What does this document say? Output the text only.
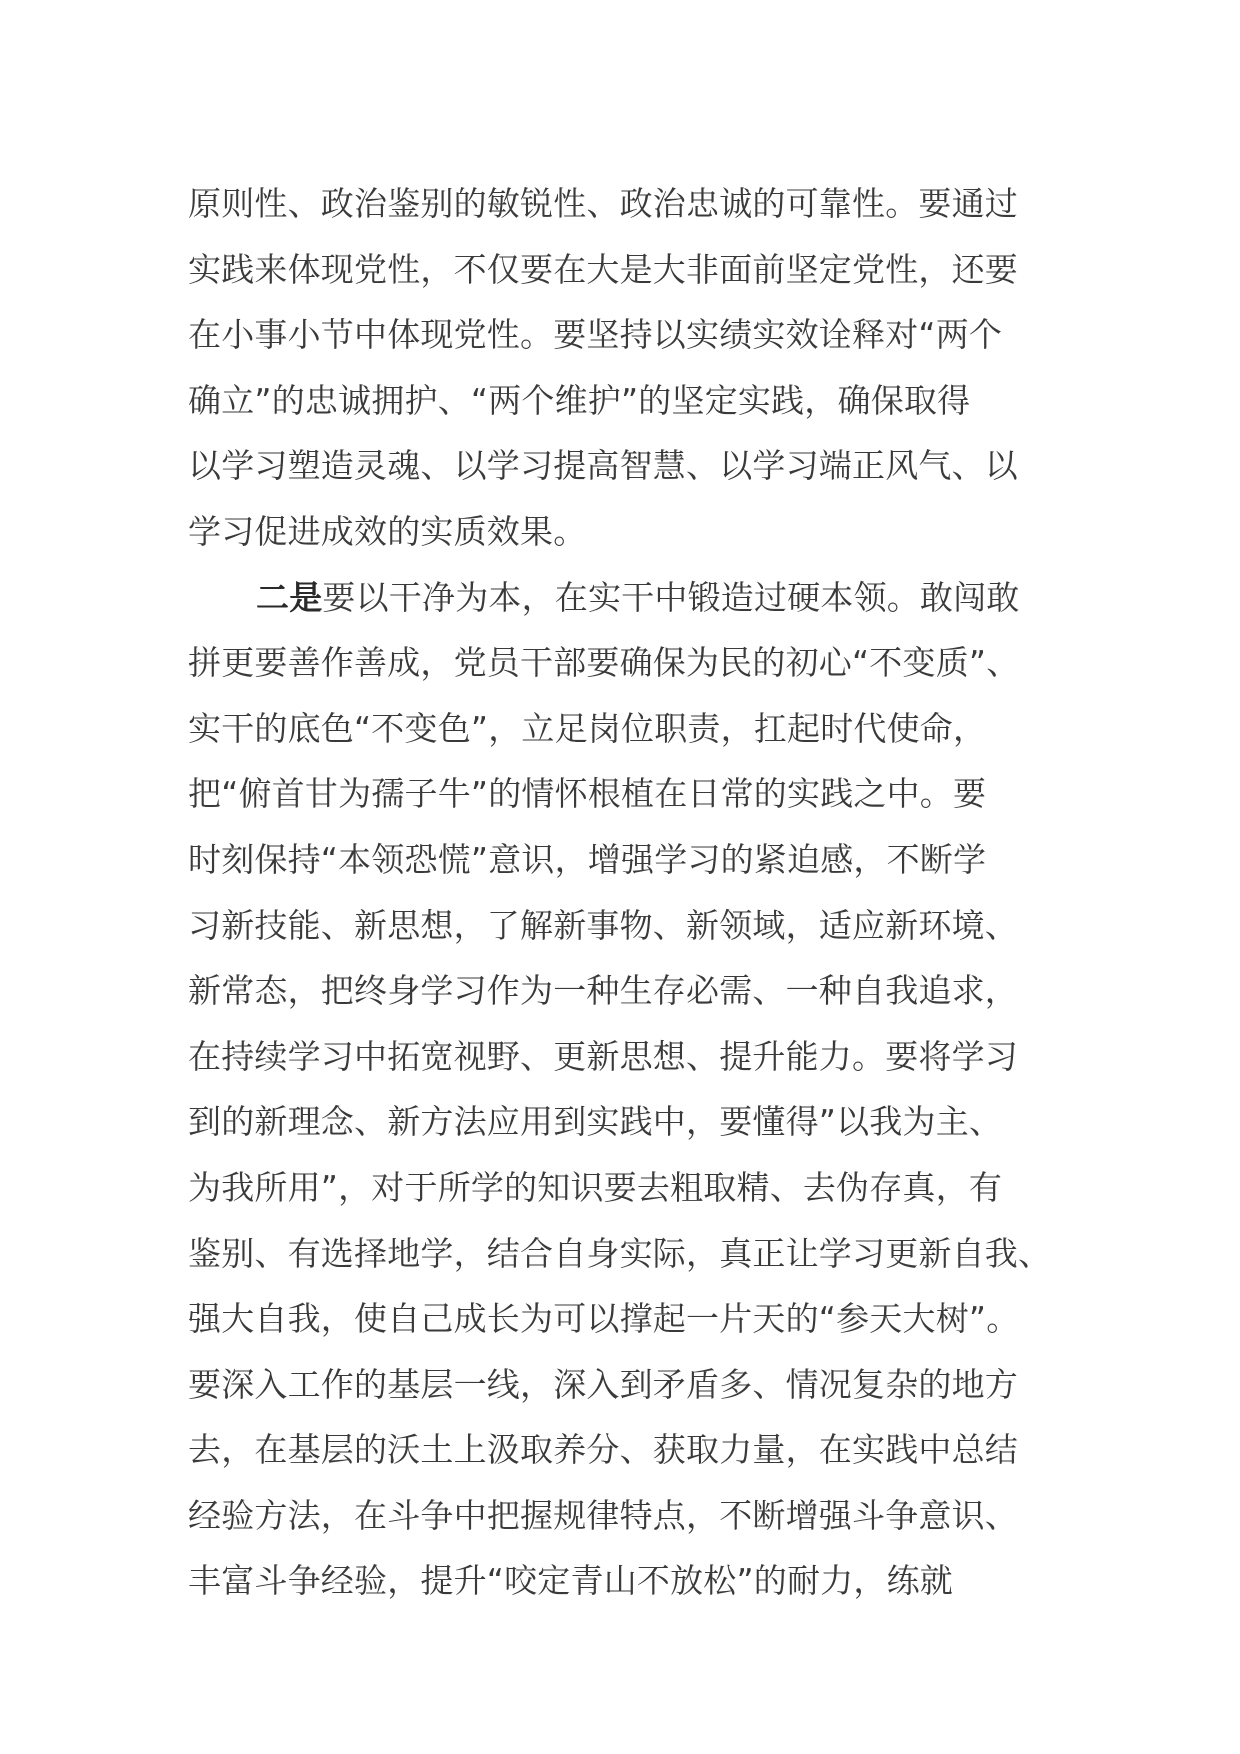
原则性、政治鉴别的敏锐性、政治忠诚的可靠性。要通过
实践来体现党性，不仅要在大是大非面前坚定党性，还要
在小事小节中体现党性。要坚持以实绩实效诠释对“两个
确立”的忠诚拥护、“两个维护”的坚定实践，确保取得
以学习塑造灵魂、以学习提高智慧、以学习端正风气、以
学习促进成效的实质效果。
二是要以干净为本，在实干中锻造过硬本领。敢闯敢
拼更要善作善成，党员干部要确保为民的初心“不变质”、
实干的底色“不变色”，立足岗位职责，扛起时代使命，
把“俯首甘为孺子牛”的情怀根植在日常的实践之中。要
时刻保持“本领恐慌”意识，增强学习的紧迫感，不断学
习新技能、新思想，了解新事物、新领域，适应新环境、
新常态，把终身学习作为一种生存必需、一种自我追求，
在持续学习中拓宽视野、更新思想、提升能力。要将学习
到的新理念、新方法应用到实践中，要懂得”以我为主、
为我所用”，对于所学的知识要去粗取精、去伪存真，有
鉴别、有选择地学，结合自身实际，真正让学习更新自我、
强大自我，使自己成长为可以撑起一片天的“参天大树”。
要深入工作的基层一线，深入到矛盾多、情况复杂的地方
去，在基层的沃土上汲取养分、获取力量，在实践中总结
经验方法，在斗争中把握规律特点，不断增强斗争意识、
丰富斗争经验，提升“咬定青山不放松”的耐力，练就
